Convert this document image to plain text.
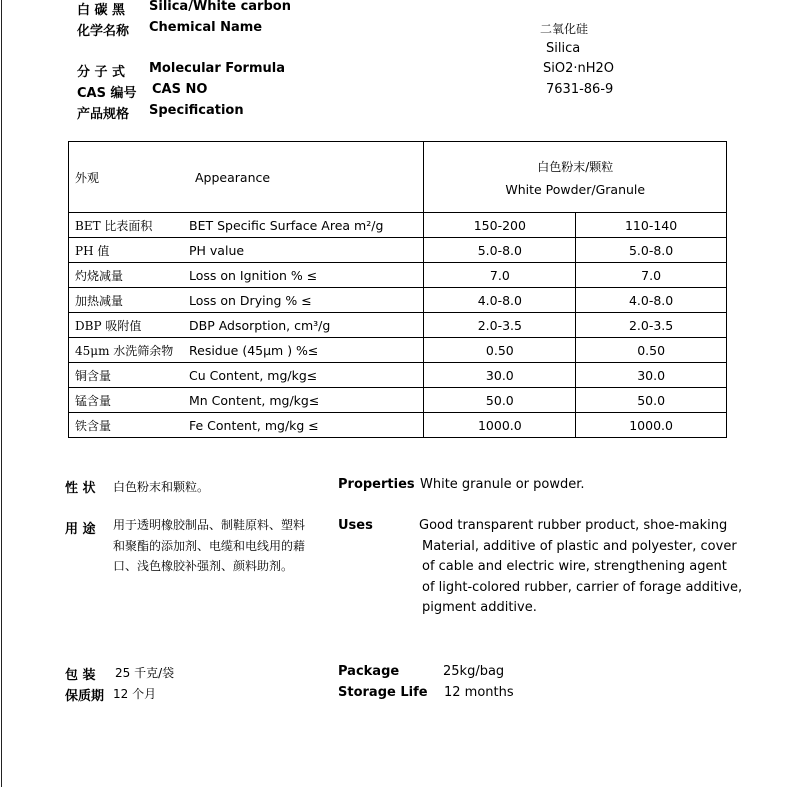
白 碳 黑 Silica/White carbon
化学名称 Chemical Name	二氧化硅
Silica
分 子 式 Molecular Formula	SiO2·nH2O
CAS 编号 CAS NO	7631-86-9
产品规格 Specification
外观 Appearance	白色粉末/颗粒
White Powder/Granule	

BET 比表面积 BET Specific Surface Area m²/g	150-200	110-140
PH 值 PH value	5.0-8.0	5.0-8.0
灼烧减量 Loss on Ignition % ≤	7.0	7.0
加热减量 Loss on Drying % ≤	4.0-8.0	4.0-8.0
DBP 吸附值 DBP Adsorption, cm³/g	2.0-3.5	2.0-3.5
45μm 水洗筛余物 Residue (45μm ) %≤	0.50	0.50
铜含量 Cu Content, mg/kg≤	30.0	30.0
锰含量 Mn Content, mg/kg≤	50.0	50.0
铁含量 Fe Content, mg/kg ≤	1000.0	1000.0
性 状 白色粉末和颗粒。	Properties White granule or powder.
用 途 用于透明橡胶制品、制鞋原料、塑料
和聚酯的添加剂、电缆和电线用的藉
口、浅色橡胶补强剂、颜料助剂。
Uses	Good transparent rubber product, shoe-making
Material, additive of plastic and polyester, cover
of cable and electric wire, strengthening agent
of light-colored rubber, carrier of forage additive,
pigment additive.
包 装 25 千克/袋	Package	25kg/bag
保质期 12 个月	Storage Life 12 months
